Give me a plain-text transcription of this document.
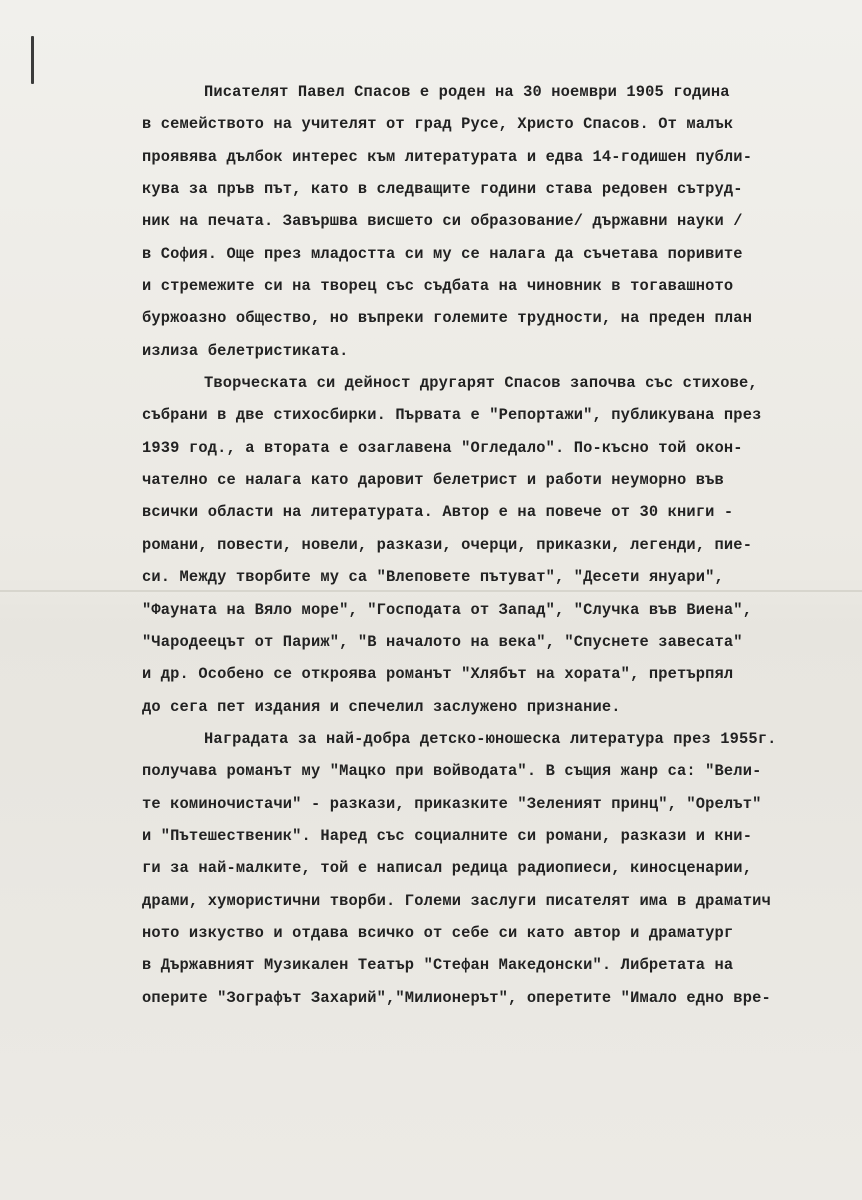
Писателят Павел Спасов е роден на 30 ноември 1905 година
в семейството на учителят от град Русе, Христо Спасов. От малък
проявява дълбок интерес към литературата и едва 14-годишен публи-
кува за пръв път, като в следващите години става редовен сътруд-
ник на печата. Завършва висшето си образование/ държавни науки /
в София. Още през младостта си му се налага да съчетава поривите
и стремежите си на творец със съдбата на чиновник в тогавашното
буржоазно общество, но въпреки големите трудности, на преден план
излиза белетристиката.
Творческата си дейност другарят Спасов започва със стихове,
събрани в две стихосбирки. Първата е "Репортажи", публикувана през
1939 год., а втората е озаглавена "Огледало". По-късно той окон-
чателно се налага като даровит белетрист и работи неуморно във
всички области на литературата. Автор е на повече от 30 книги -
романи, повести, новели, разкази, очерци, приказки, легенди, пие-
си. Между творбите му са "Влеповете пътуват", "Десети януари",
"Фауната на Вяло море", "Господата от Запад", "Случка във Виена",
"Чародеецът от Париж", "В началото на века", "Спуснете завесата"
и др. Особено се откроява романът "Хлябът на хората", претърпял
до сега пет издания и спечелил заслужено признание.
Наградата за най-добра детско-юношеска литература през 1955г.
получава романът му "Мацко при войводата". В същия жанр са: "Вели-
те коминочистачи" - разкази, приказките "Зеленият принц", "Орелът"
и "Пътешественик". Наред със социалните си романи, разкази и кни-
ги за най-малките, той е написал редица радиопиеси, киносценарии,
драми, хумористични творби. Големи заслуги писателят има в драматич
ното изкуство и отдава всичко от себе си като автор и драматург
в Държавният Музикален Театър "Стефан Македонски". Либретата на
оперите "Зографът Захарий","Милионерът", оперетите "Имало едно вре-
